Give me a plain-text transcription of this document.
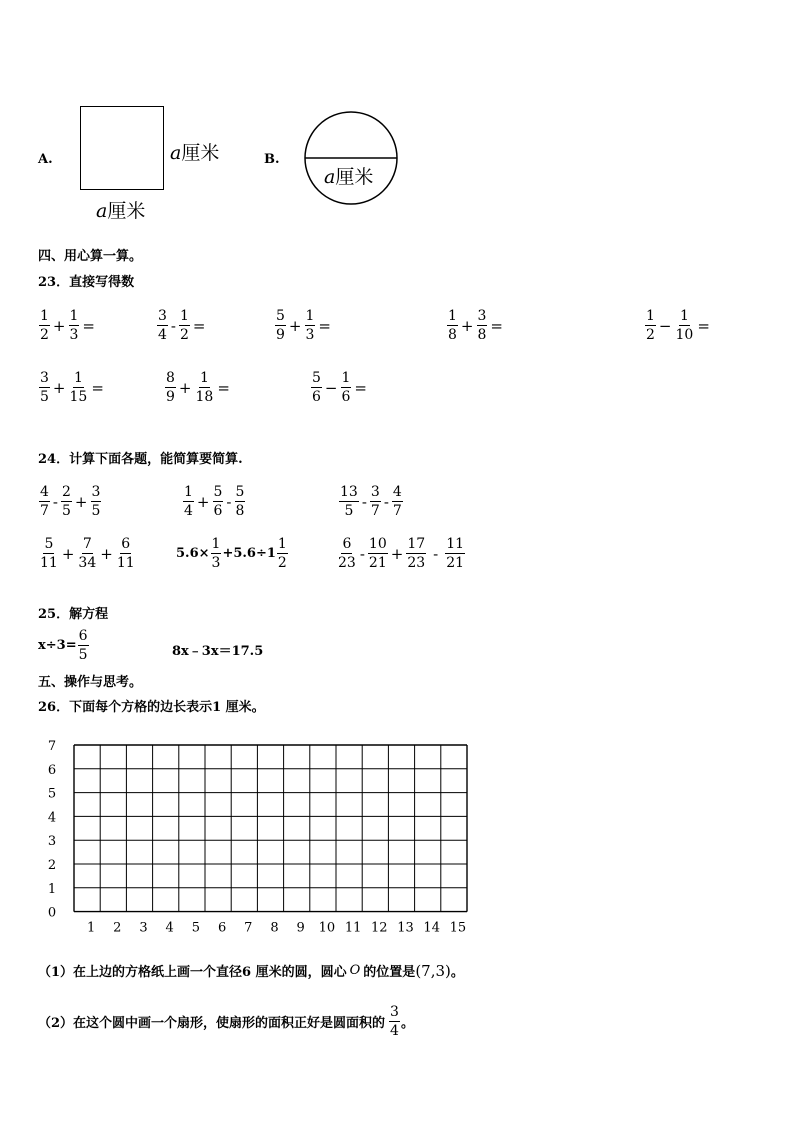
A.	a厘米
a厘米
B.
a厘米
四、用心算一算。
23．直接写得数
$\frac{1}{2} + \frac{1}{3}$ =	$\frac{3}{4} - \frac{1}{2}$ =	$\frac{5}{9} + \frac{1}{3}$ =	$\frac{1}{8} + \frac{3}{8}$ =	$\frac{1}{2} - \frac{1}{10}$ =
$\frac{3}{5} + \frac{1}{15}$ =	$\frac{8}{9} + \frac{1}{18}$ =	$\frac{5}{6} - \frac{1}{6}$ =
24．计算下面各题，能简算要简算.
$\frac{4}{7} - \frac{2}{5} + \frac{3}{5}$	$\frac{1}{4} + \frac{5}{6} - \frac{5}{8}$	$\frac{13}{5} - \frac{3}{7} - \frac{4}{7}$
$\frac{5}{11} + \frac{7}{34} + \frac{6}{11}$	$5.6\times \frac{1}{3} +5.6\div 1 \frac{1}{2}$	$\frac{6}{23} - \frac{10}{21} + \frac{17}{23} - \frac{11}{21}$
25．解方程
$x\div 3= \frac{6}{5}$	8x﹣3x＝17.5
五、操作与思考。
26．下面每个方格的边长表示1 厘米。
0
1
2
3
4
5
6
7
1 2 3 4 5 6 7 8 9 10 11 12 13 14 15
（1）在上边的方格纸上画一个直径6 厘米的圆，圆心 O 的位置是 (7,3) 。
（2）在这个圆中画一个扇形，使扇形的面积正好是圆面积的 $\frac{3}{4}$ 。
